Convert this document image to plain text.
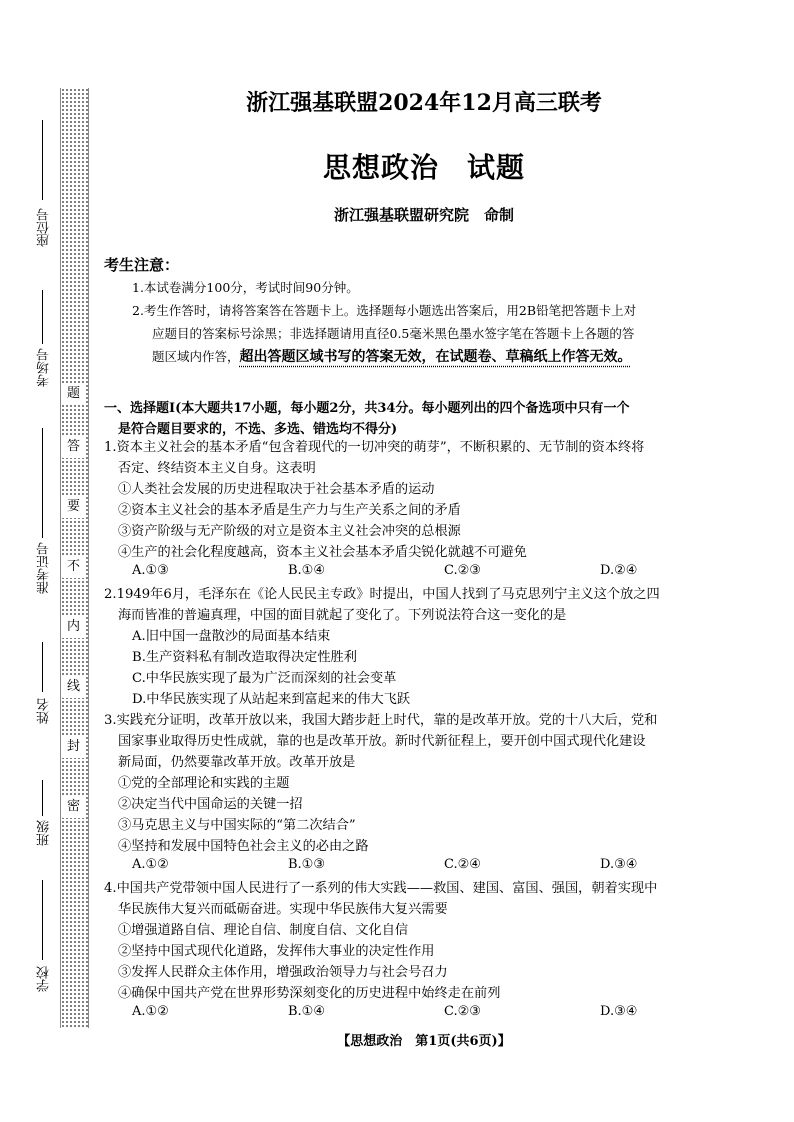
题
答
要
不
内
线
封
密
座位号
考场号
准考证号
姓名
班级
学校
浙江强基联盟2024年12月高三联考
思想政治 试题
浙江强基联盟研究院　命制
考生注意：
1.本试卷满分100分，考试时间90分钟。
2.考生作答时，请将答案答在答题卡上。选择题每小题选出答案后，用2B铅笔把答题卡上对
应题目的答案标号涂黑；非选择题请用直径0.5毫米黑色墨水签字笔在答题卡上各题的答
题区域内作答，超出答题区域书写的答案无效，在试题卷、草稿纸上作答无效。
一、选择题Ⅰ(本大题共17小题，每小题2分，共34分。每小题列出的四个备选项中只有一个
是符合题目要求的，不选、多选、错选均不得分)
1.资本主义社会的基本矛盾“包含着现代的一切冲突的萌芽”，不断积累的、无节制的资本终将
否定、终结资本主义自身。这表明
①人类社会发展的历史进程取决于社会基本矛盾的运动
②资本主义社会的基本矛盾是生产力与生产关系之间的矛盾
③资产阶级与无产阶级的对立是资本主义社会冲突的总根源
④生产的社会化程度越高，资本主义社会基本矛盾尖锐化就越不可避免
A.①③	B.①④	C.②③	D.②④
2.1949年6月，毛泽东在《论人民民主专政》时提出，中国人找到了马克思列宁主义这个放之四
海而皆准的普遍真理，中国的面目就起了变化了。下列说法符合这一变化的是
A.旧中国一盘散沙的局面基本结束
B.生产资料私有制改造取得决定性胜利
C.中华民族实现了最为广泛而深刻的社会变革
D.中华民族实现了从站起来到富起来的伟大飞跃
3.实践充分证明，改革开放以来，我国大踏步赶上时代，靠的是改革开放。党的十八大后，党和
国家事业取得历史性成就，靠的也是改革开放。新时代新征程上，要开创中国式现代化建设
新局面，仍然要靠改革开放。改革开放是
①党的全部理论和实践的主题
②决定当代中国命运的关键一招
③马克思主义与中国实际的“第二次结合”
④坚持和发展中国特色社会主义的必由之路
A.①②	B.①③	C.②④	D.③④
4.中国共产党带领中国人民进行了一系列的伟大实践——救国、建国、富国、强国，朝着实现中
华民族伟大复兴而砥砺奋进。实现中华民族伟大复兴需要
①增强道路自信、理论自信、制度自信、文化自信
②坚持中国式现代化道路，发挥伟大事业的决定性作用
③发挥人民群众主体作用，增强政治领导力与社会号召力
④确保中国共产党在世界形势深刻变化的历史进程中始终走在前列
A.①②	B.①④	C.②③	D.③④
【思想政治　第1页(共6页)】
